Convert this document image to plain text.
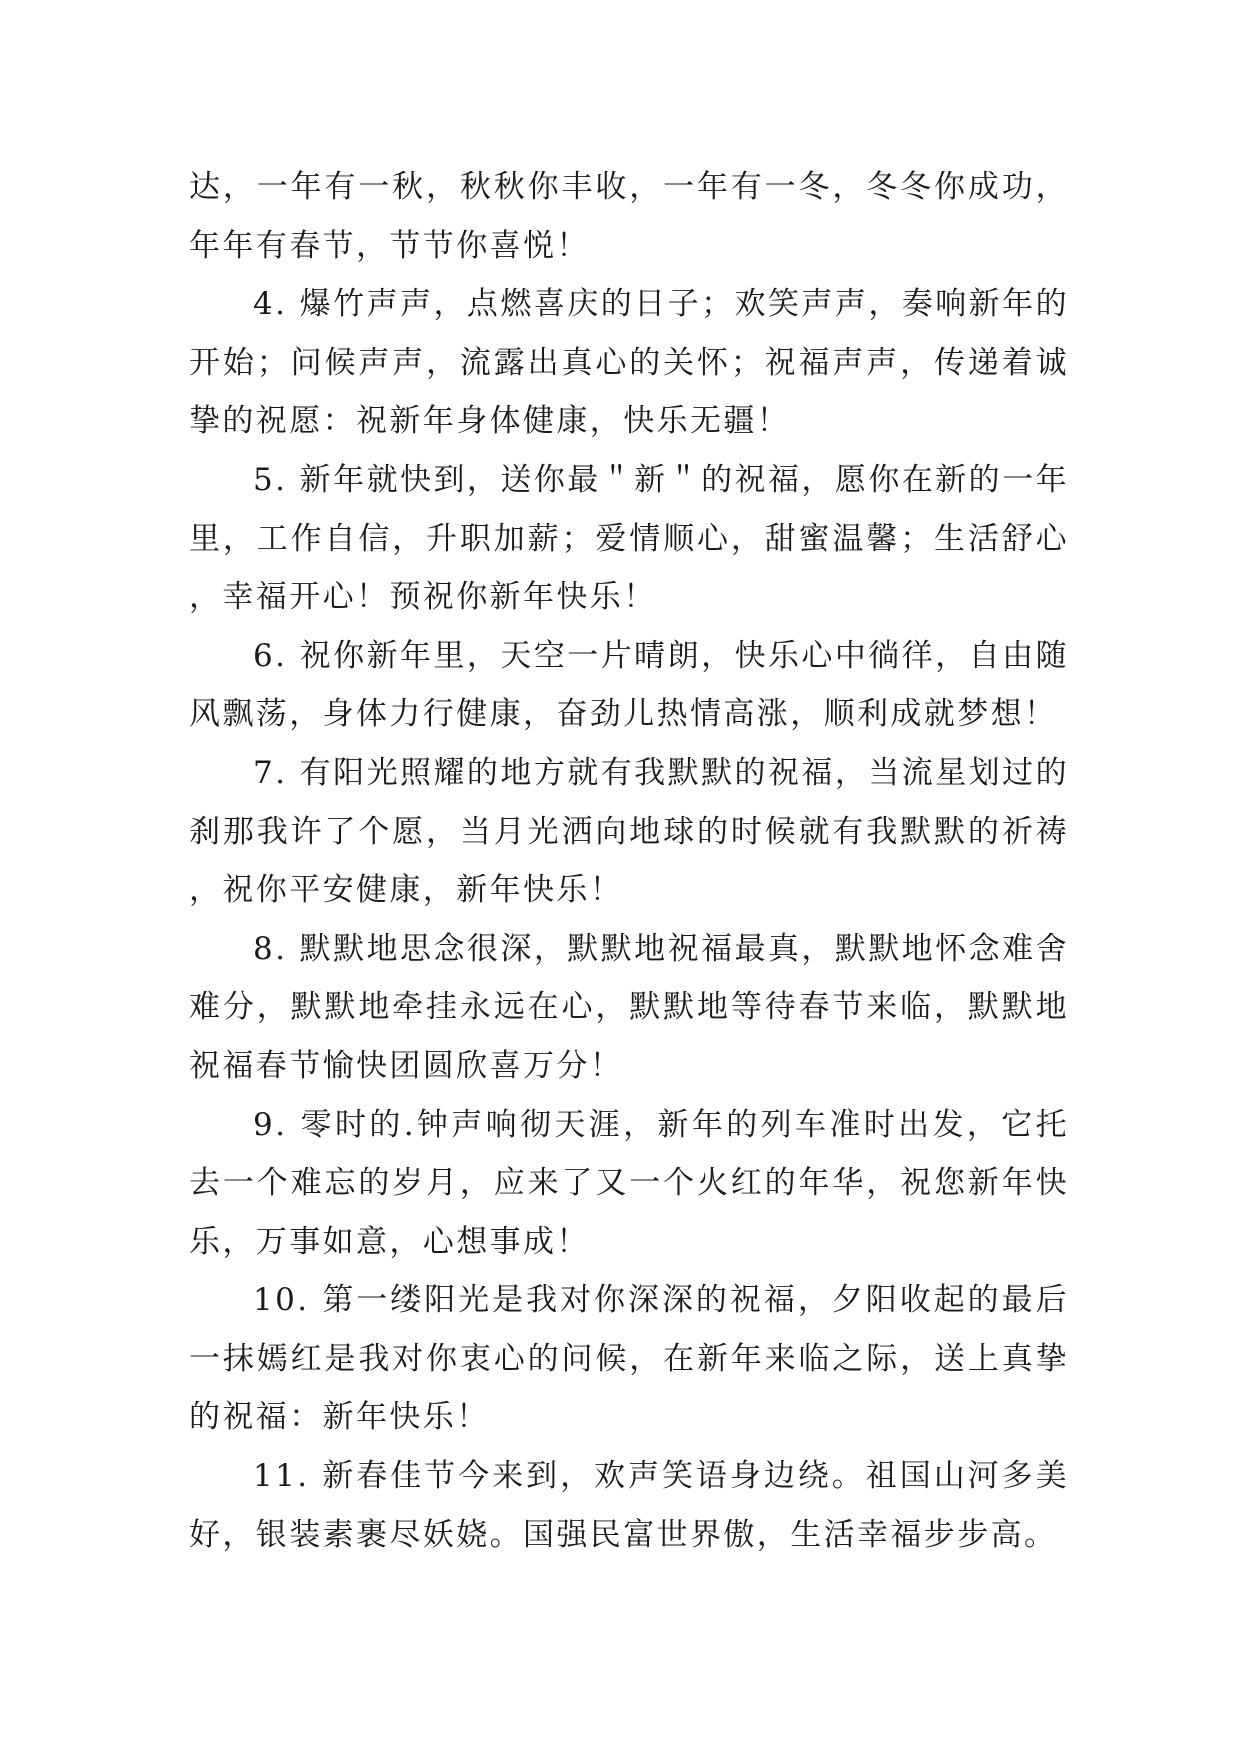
达，一年有一秋，秋秋你丰收，一年有一冬，冬冬你成功，年年有春节，节节你喜悦！

4. 爆竹声声，点燃喜庆的日子；欢笑声声，奏响新年的开始；问候声声，流露出真心的关怀；祝福声声，传递着诚挚的祝愿：祝新年身体健康，快乐无疆！

5. 新年就快到，送你最＂新＂的祝福，愿你在新的一年里，工作自信，升职加薪；爱情顺心，甜蜜温馨；生活舒心，幸福开心！预祝你新年快乐！

6. 祝你新年里，天空一片晴朗，快乐心中徜徉，自由随风飘荡，身体力行健康，奋劲儿热情高涨，顺利成就梦想！

7. 有阳光照耀的地方就有我默默的祝福，当流星划过的刹那我许了个愿，当月光洒向地球的时候就有我默默的祈祷，祝你平安健康，新年快乐！

8. 默默地思念很深，默默地祝福最真，默默地怀念难舍难分，默默地牵挂永远在心，默默地等待春节来临，默默地祝福春节愉快团圆欣喜万分！

9. 零时的.钟声响彻天涯，新年的列车准时出发，它托去一个难忘的岁月，应来了又一个火红的年华，祝您新年快乐，万事如意，心想事成！

10. 第一缕阳光是我对你深深的祝福，夕阳收起的最后一抹嫣红是我对你衷心的问候，在新年来临之际，送上真挚的祝福：新年快乐！

11. 新春佳节今来到，欢声笑语身边绕。祖国山河多美好，银装素裹尽妖娆。国强民富世界傲，生活幸福步步高。
